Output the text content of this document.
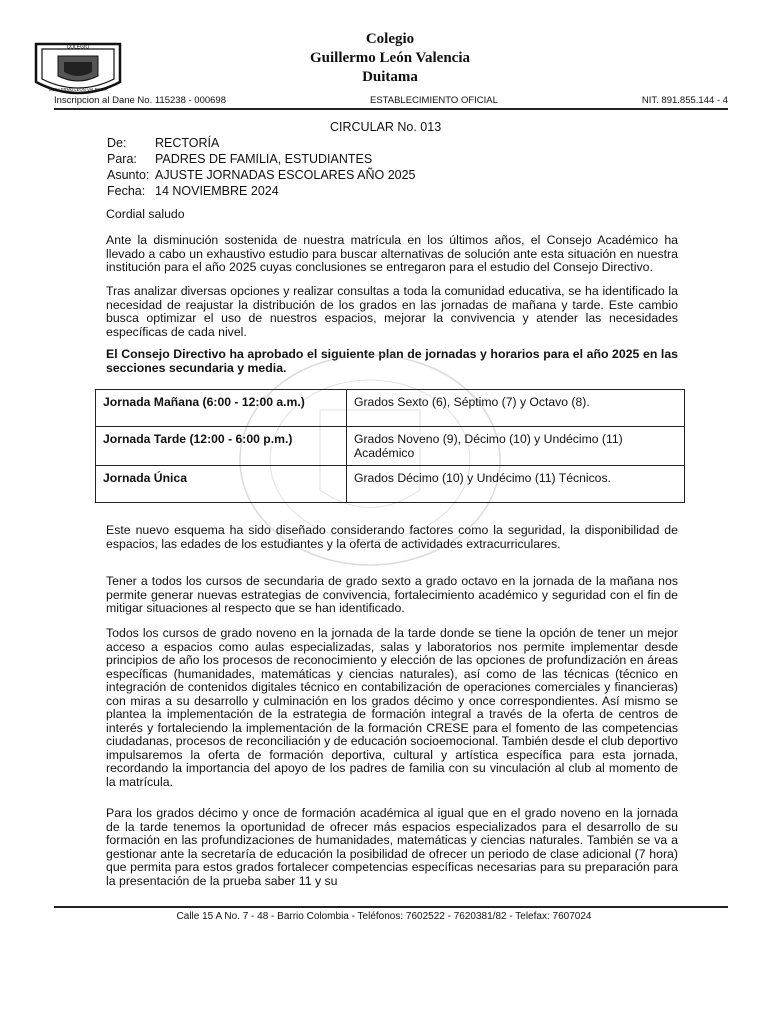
COLEGIO
GUILLERMO LEÓN VALENCIA
Colegio
Guillermo León Valencia
Duitama
Inscripcion al Dane No. 115238 - 000698	ESTABLECIMIENTO OFICIAL	NIT. 891.855.144 - 4
CIRCULAR No. 013
De:	RECTORÍA
Para:	PADRES DE FAMILIA, ESTUDIANTES
Asunto: AJUSTE JORNADAS ESCOLARES AÑO 2025
Fecha: 14 NOVIEMBRE 2024
Cordial saludo
Ante la disminución sostenida de nuestra matrícula en los últimos años, el Consejo Académico ha llevado a cabo un exhaustivo estudio para buscar alternativas de solución ante esta situación en nuestra institución para el año 2025 cuyas conclusiones se entregaron para el estudio del Consejo Directivo.
Tras analizar diversas opciones y realizar consultas a toda la comunidad educativa, se ha identificado la necesidad de reajustar la distribución de los grados en las jornadas de mañana y tarde. Este cambio busca optimizar el uso de nuestros espacios, mejorar la convivencia y atender las necesidades específicas de cada nivel.
El Consejo Directivo ha aprobado el siguiente plan de jornadas y horarios para el año 2025 en las secciones secundaria y media.
Jornada Mañana (6:00 - 12:00 a.m.)	Grados Sexto (6), Séptimo (7) y Octavo (8).
Jornada Tarde (12:00 - 6:00 p.m.)	Grados Noveno (9), Décimo (10) y Undécimo (11) Académico
Jornada Única	Grados Décimo (10) y Undécimo (11) Técnicos.
Este nuevo esquema ha sido diseñado considerando factores como la seguridad, la disponibilidad de espacios, las edades de los estudiantes y la oferta de actividades extracurriculares.
Tener a todos los cursos de secundaria de grado sexto a grado octavo en la jornada de la mañana nos permite generar nuevas estrategias de convivencia, fortalecimiento académico y seguridad con el fin de mitigar situaciones al respecto que se han identificado.
Todos los cursos de grado noveno en la jornada de la tarde donde se tiene la opción de tener un mejor acceso a espacios como aulas especializadas, salas y laboratorios nos permite implementar desde principios de año los procesos de reconocimiento y elección de las opciones de profundización en áreas específicas (humanidades, matemáticas y ciencias naturales), así como de las técnicas (técnico en integración de contenidos digitales técnico en contabilización de operaciones comerciales y financieras) con miras a su desarrollo y culminación en los grados décimo y once correspondientes. Así mismo se plantea la implementación de la estrategia de formación integral a través de la oferta de centros de interés y fortaleciendo la implementación de la formación CRESE para el fomento de las competencias ciudadanas, procesos de reconciliación y de educación socioemocional. También desde el club deportivo impulsaremos la oferta de formación deportiva, cultural y artística específica para esta jornada, recordando la importancia del apoyo de los padres de familia con su vinculación al club al momento de la matrícula.
Para los grados décimo y once de formación académica al igual que en el grado noveno en la jornada de la tarde tenemos la oportunidad de ofrecer más espacios especializados para el desarrollo de su formación en las profundizaciones de humanidades, matemáticas y ciencias naturales. También se va a gestionar ante la secretaría de educación la posibilidad de ofrecer un periodo de clase adicional (7 hora) que permita para estos grados fortalecer competencias específicas necesarias para su preparación para la presentación de la prueba saber 11 y su
Calle 15 A No. 7 - 48 - Barrio Colombia - Teléfonos: 7602522 - 7620381/82 - Telefax: 7607024
